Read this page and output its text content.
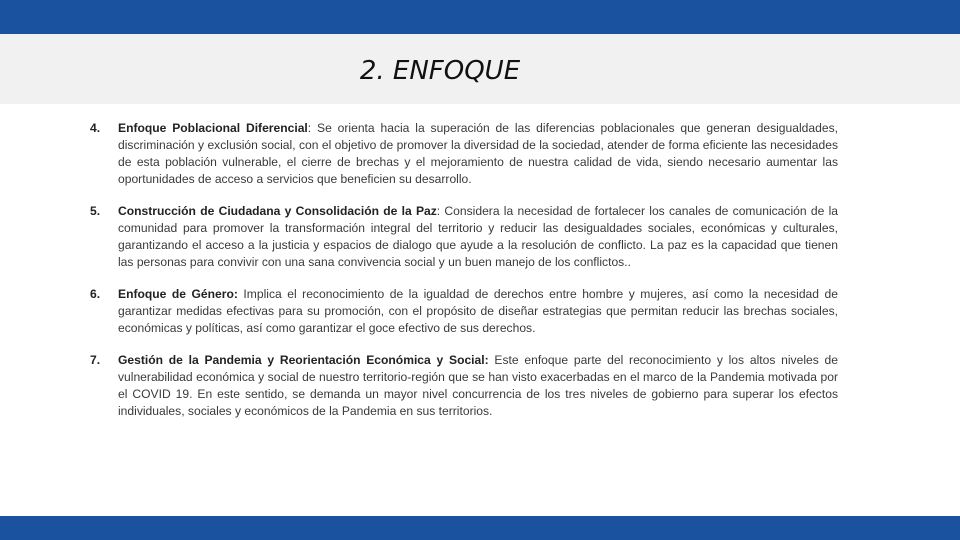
2. ENFOQUE
4.	Enfoque Poblacional Diferencial: Se orienta hacia la superación de las diferencias poblacionales que generan desigualdades, discriminación y exclusión social, con el objetivo de promover la diversidad de la sociedad, atender de forma eficiente las necesidades de esta población vulnerable, el cierre de brechas y el mejoramiento de nuestra calidad de vida, siendo necesario aumentar las oportunidades de acceso a servicios que beneficien su desarrollo.
5.	Construcción de Ciudadana y Consolidación de la Paz: Considera la necesidad de fortalecer los canales de comunicación de la comunidad para promover la transformación integral del territorio y reducir las desigualdades sociales, económicas y culturales, garantizando el acceso a la justicia y espacios de dialogo que ayude a la resolución de conflicto. La paz es la capacidad que tienen las personas para convivir con una sana convivencia social y un buen manejo de los conflictos..
6.	Enfoque de Género: Implica el reconocimiento de la igualdad de derechos entre hombre y mujeres, así como la necesidad de garantizar medidas efectivas para su promoción, con el propósito de diseñar estrategias que permitan reducir las brechas sociales, económicas y políticas, así como garantizar el goce efectivo de sus derechos.
7.	Gestión de la Pandemia y Reorientación Económica y Social: Este enfoque parte del reconocimiento y los altos niveles de vulnerabilidad económica y social de nuestro territorio-región que se han visto exacerbadas en el marco de la Pandemia motivada por el COVID 19. En este sentido, se demanda un mayor nivel concurrencia de los tres niveles de gobierno para superar los efectos individuales, sociales y económicos de la Pandemia en sus territorios.
